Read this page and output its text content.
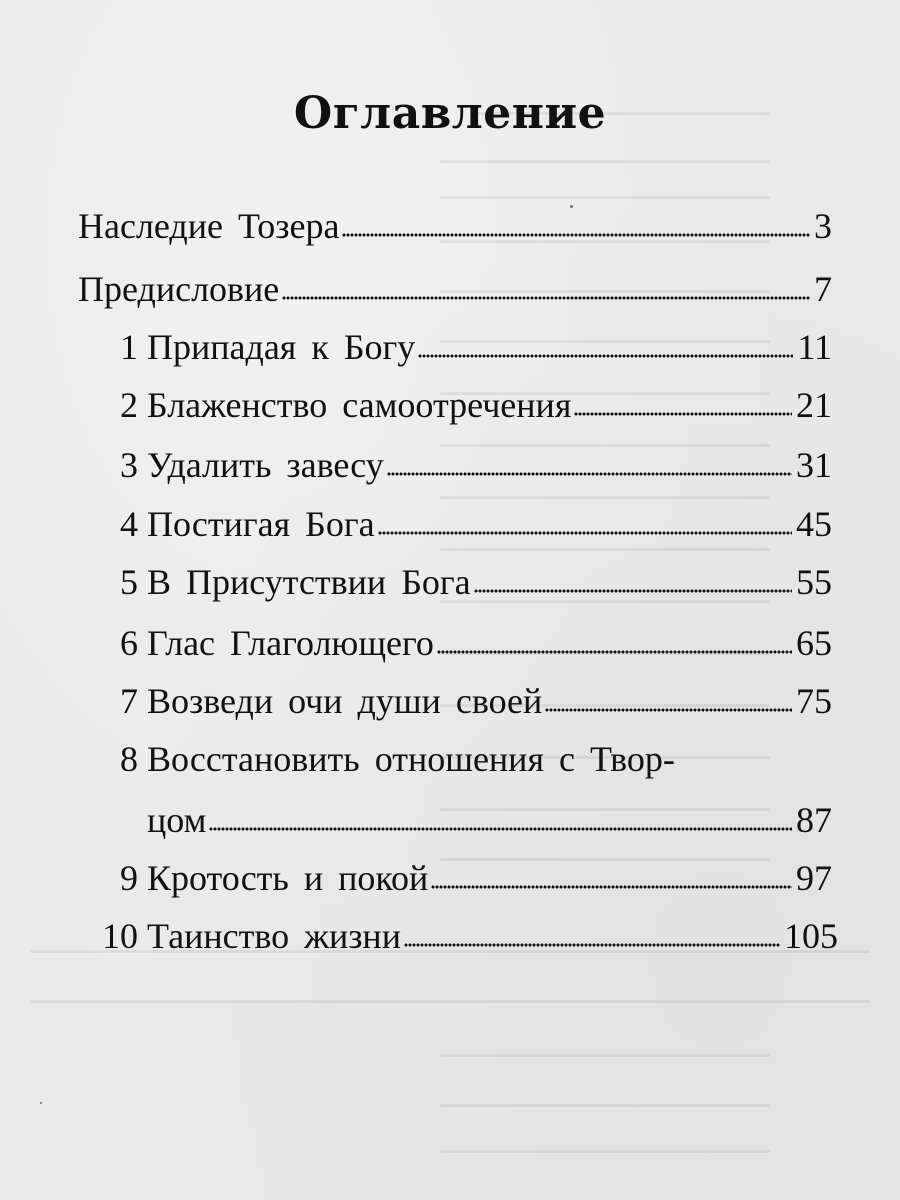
Оглавление
Наследие Тозера	3
Предисловие	7
1 Припадая к Богу	11
2 Блаженство самоотречения	21
3 Удалить завесу	31
4 Постигая Бога	45
5 В Присутствии Бога	55
6 Глас Глаголющего	65
7 Возведи очи души своей	75
8 Восстановить отношения с Твор-
цом	87
9 Кротость и покой	97
10 Таинство жизни	105
